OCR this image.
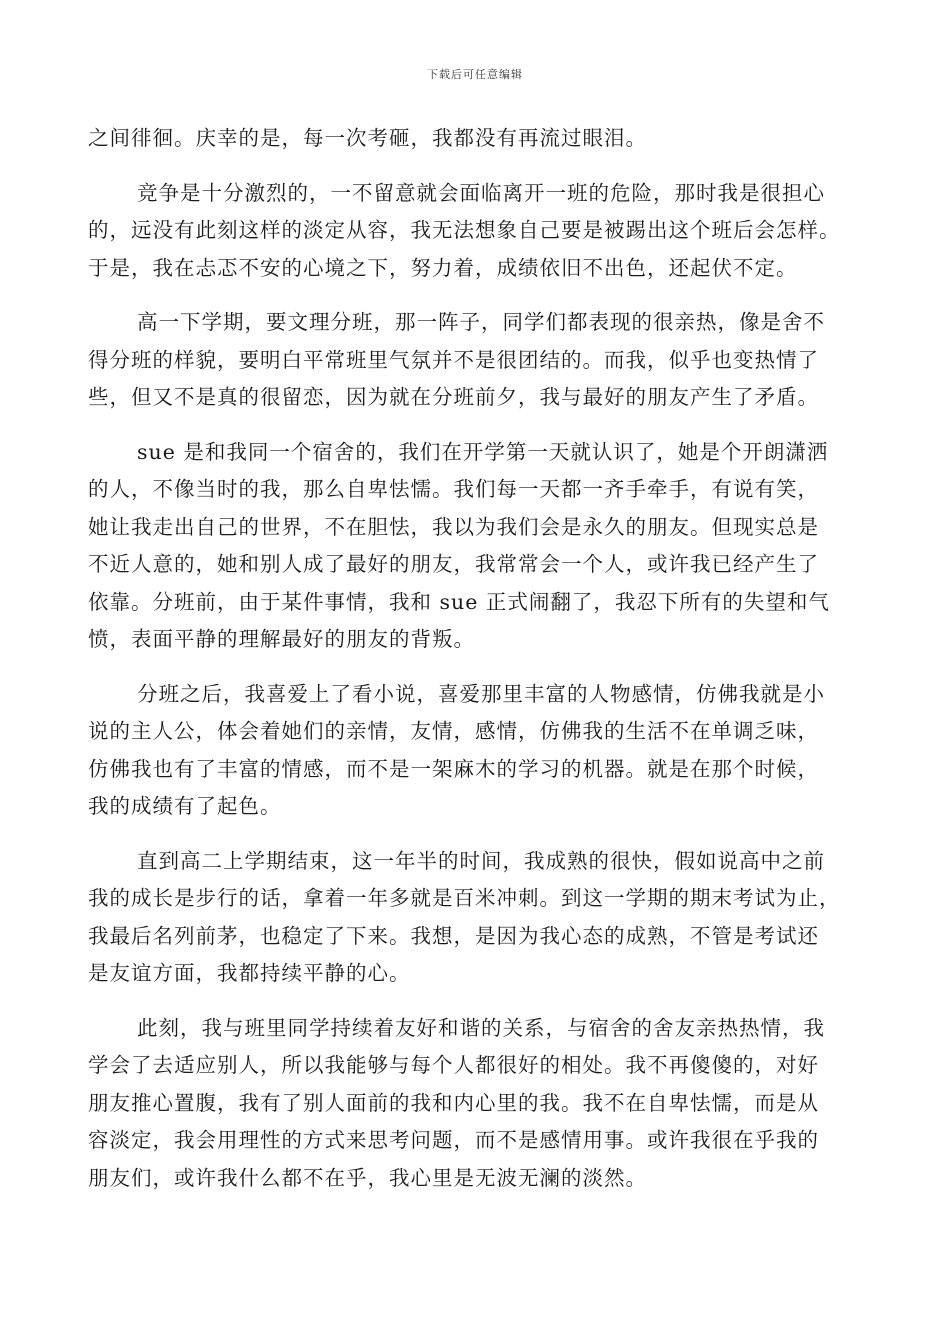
下载后可任意编辑

之间徘徊。庆幸的是，每一次考砸，我都没有再流过眼泪。

竞争是十分激烈的，一不留意就会面临离开一班的危险，那时我是很担心
的，远没有此刻这样的淡定从容，我无法想象自己要是被踢出这个班后会怎样。
于是，我在忐忑不安的心境之下，努力着，成绩依旧不出色，还起伏不定。

高一下学期，要文理分班，那一阵子，同学们都表现的很亲热，像是舍不
得分班的样貌，要明白平常班里气氛并不是很团结的。而我，似乎也变热情了
些，但又不是真的很留恋，因为就在分班前夕，我与最好的朋友产生了矛盾。

sue 是和我同一个宿舍的，我们在开学第一天就认识了，她是个开朗潇洒
的人，不像当时的我，那么自卑怯懦。我们每一天都一齐手牵手，有说有笑，
她让我走出自己的世界，不在胆怯，我以为我们会是永久的朋友。但现实总是
不近人意的，她和别人成了最好的朋友，我常常会一个人，或许我已经产生了
依靠。分班前，由于某件事情，我和 sue 正式闹翻了，我忍下所有的失望和气
愤，表面平静的理解最好的朋友的背叛。

分班之后，我喜爱上了看小说，喜爱那里丰富的人物感情，仿佛我就是小
说的主人公，体会着她们的亲情，友情，感情，仿佛我的生活不在单调乏味，
仿佛我也有了丰富的情感，而不是一架麻木的学习的机器。就是在那个时候，
我的成绩有了起色。

直到高二上学期结束，这一年半的时间，我成熟的很快，假如说高中之前
我的成长是步行的话，拿着一年多就是百米冲刺。到这一学期的期末考试为止，
我最后名列前茅，也稳定了下来。我想，是因为我心态的成熟，不管是考试还
是友谊方面，我都持续平静的心。

此刻，我与班里同学持续着友好和谐的关系，与宿舍的舍友亲热热情，我
学会了去适应别人，所以我能够与每个人都很好的相处。我不再傻傻的，对好
朋友推心置腹，我有了别人面前的我和内心里的我。我不在自卑怯懦，而是从
容淡定，我会用理性的方式来思考问题，而不是感情用事。或许我很在乎我的
朋友们，或许我什么都不在乎，我心里是无波无澜的淡然。
